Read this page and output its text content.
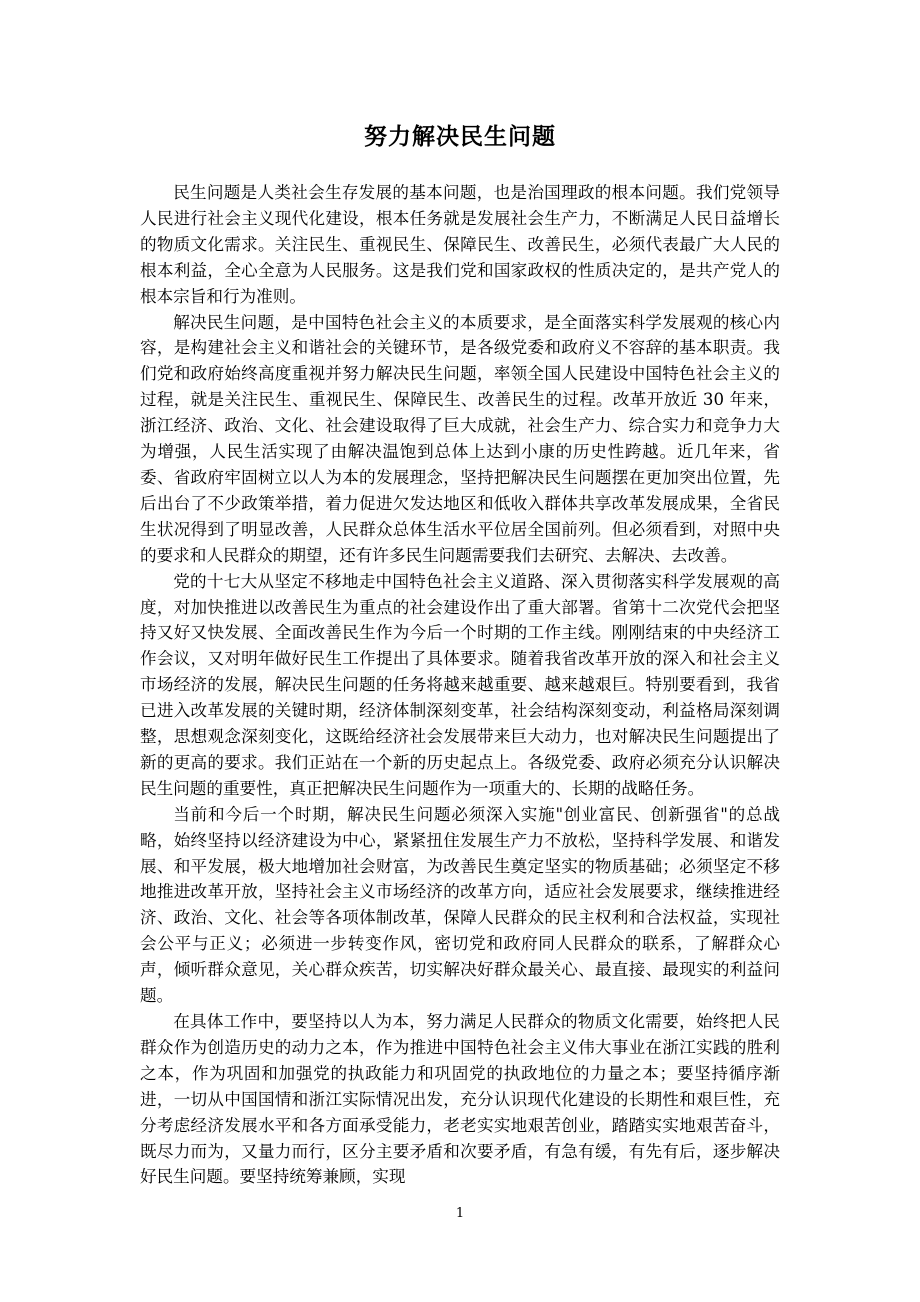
努力解决民生问题

民生问题是人类社会生存发展的基本问题，也是治国理政的根本问题。我们党领导人民进行社会主义现代化建设，根本任务就是发展社会生产力，不断满足人民日益增长的物质文化需求。关注民生、重视民生、保障民生、改善民生，必须代表最广大人民的根本利益，全心全意为人民服务。这是我们党和国家政权的性质决定的，是共产党人的根本宗旨和行为准则。

解决民生问题，是中国特色社会主义的本质要求，是全面落实科学发展观的核心内容，是构建社会主义和谐社会的关键环节，是各级党委和政府义不容辞的基本职责。我们党和政府始终高度重视并努力解决民生问题，率领全国人民建设中国特色社会主义的过程，就是关注民生、重视民生、保障民生、改善民生的过程。改革开放近 30 年来，浙江经济、政治、文化、社会建设取得了巨大成就，社会生产力、综合实力和竞争力大为增强，人民生活实现了由解决温饱到总体上达到小康的历史性跨越。近几年来，省委、省政府牢固树立以人为本的发展理念，坚持把解决民生问题摆在更加突出位置，先后出台了不少政策举措，着力促进欠发达地区和低收入群体共享改革发展成果，全省民生状况得到了明显改善，人民群众总体生活水平位居全国前列。但必须看到，对照中央的要求和人民群众的期望，还有许多民生问题需要我们去研究、去解决、去改善。

党的十七大从坚定不移地走中国特色社会主义道路、深入贯彻落实科学发展观的高度，对加快推进以改善民生为重点的社会建设作出了重大部署。省第十二次党代会把坚持又好又快发展、全面改善民生作为今后一个时期的工作主线。刚刚结束的中央经济工作会议，又对明年做好民生工作提出了具体要求。随着我省改革开放的深入和社会主义市场经济的发展，解决民生问题的任务将越来越重要、越来越艰巨。特别要看到，我省已进入改革发展的关键时期，经济体制深刻变革，社会结构深刻变动，利益格局深刻调整，思想观念深刻变化，这既给经济社会发展带来巨大动力，也对解决民生问题提出了新的更高的要求。我们正站在一个新的历史起点上。各级党委、政府必须充分认识解决民生问题的重要性，真正把解决民生问题作为一项重大的、长期的战略任务。

当前和今后一个时期，解决民生问题必须深入实施"创业富民、创新强省"的总战略，始终坚持以经济建设为中心，紧紧扭住发展生产力不放松，坚持科学发展、和谐发展、和平发展，极大地增加社会财富，为改善民生奠定坚实的物质基础；必须坚定不移地推进改革开放，坚持社会主义市场经济的改革方向，适应社会发展要求，继续推进经济、政治、文化、社会等各项体制改革，保障人民群众的民主权利和合法权益，实现社会公平与正义；必须进一步转变作风，密切党和政府同人民群众的联系，了解群众心声，倾听群众意见，关心群众疾苦，切实解决好群众最关心、最直接、最现实的利益问题。

在具体工作中，要坚持以人为本，努力满足人民群众的物质文化需要，始终把人民群众作为创造历史的动力之本，作为推进中国特色社会主义伟大事业在浙江实践的胜利之本，作为巩固和加强党的执政能力和巩固党的执政地位的力量之本；要坚持循序渐进，一切从中国国情和浙江实际情况出发，充分认识现代化建设的长期性和艰巨性，充分考虑经济发展水平和各方面承受能力，老老实实地艰苦创业，踏踏实实地艰苦奋斗，既尽力而为，又量力而行，区分主要矛盾和次要矛盾，有急有缓，有先有后，逐步解决好民生问题。要坚持统筹兼顾，实现

1
